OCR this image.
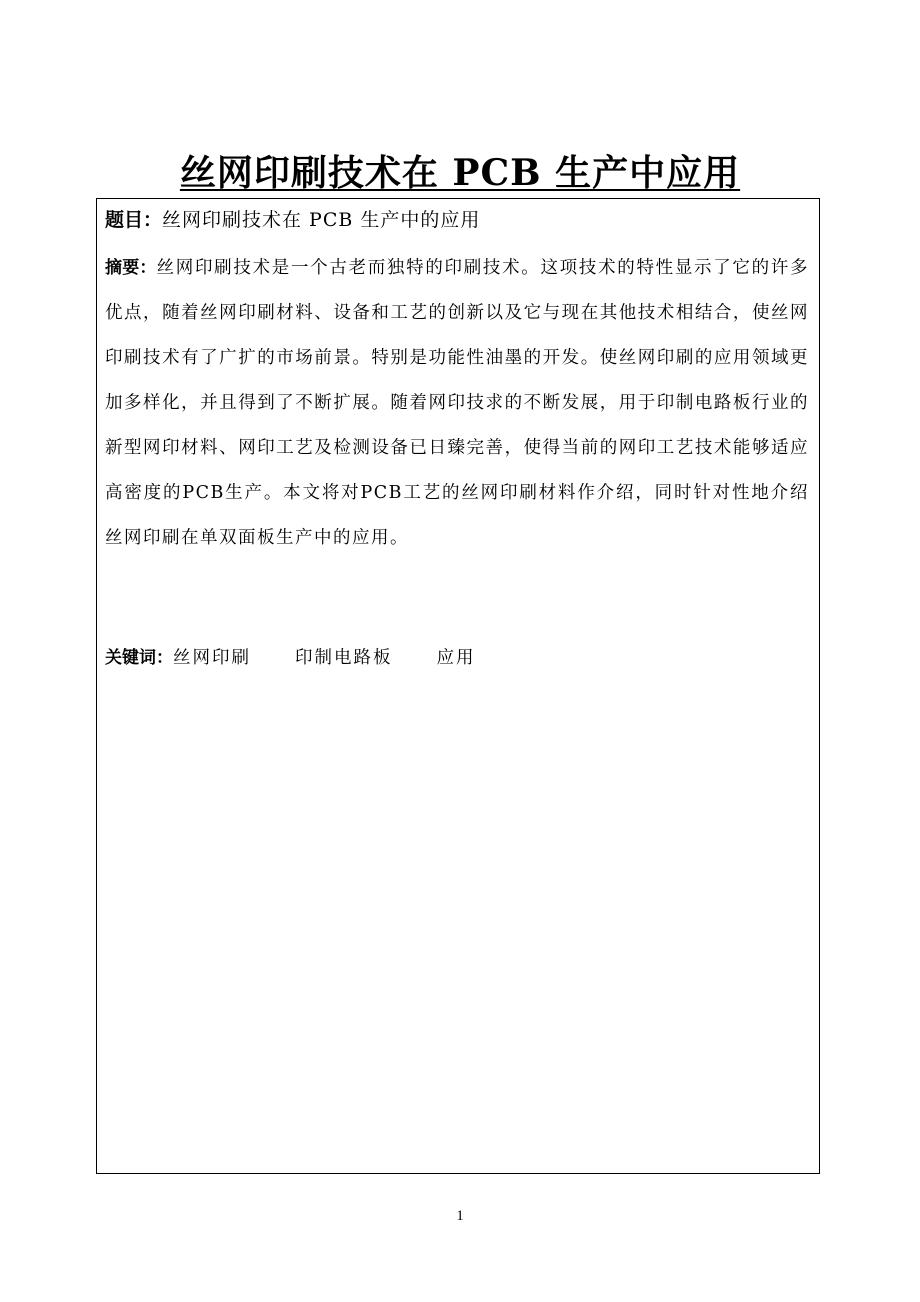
丝网印刷技术在 PCB 生产中应用
题目：丝网印刷技术在 PCB 生产中的应用
摘要：丝网印刷技术是一个古老而独特的印刷技术。这项技术的特性显示了它的许多优点，随着丝网印刷材料、设备和工艺的创新以及它与现在其他技术相结合，使丝网印刷技术有了广扩的市场前景。特别是功能性油墨的开发。使丝网印刷的应用领域更加多样化，并且得到了不断扩展。随着网印技求的不断发展，用于印制电路板行业的新型网印材料、网印工艺及检测设备已日臻完善，使得当前的网印工艺技术能够适应高密度的PCB生产。本文将对PCB工艺的丝网印刷材料作介绍，同时针对性地介绍丝网印刷在单双面板生产中的应用。
关键词：丝网印刷	印制电路板	应用
1
